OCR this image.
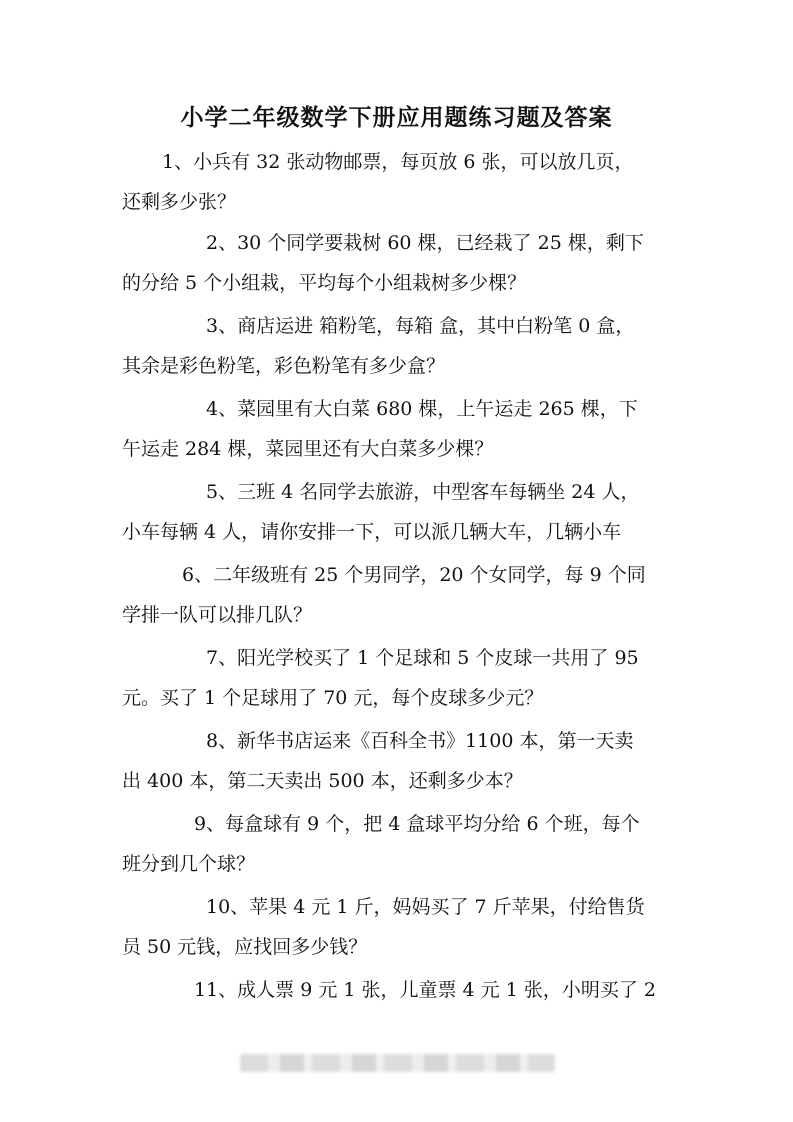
小学二年级数学下册应用题练习题及答案
1、小兵有 32 张动物邮票，每页放 6 张，可以放几页，
还剩多少张？
2、30 个同学要栽树 60 棵，已经栽了 25 棵，剩下
的分给 5 个小组栽，平均每个小组栽树多少棵？
3、商店运进 箱粉笔，每箱 盒，其中白粉笔 0 盒，
其余是彩色粉笔，彩色粉笔有多少盒？
4、菜园里有大白菜 680 棵，上午运走 265 棵，下
午运走 284 棵，菜园里还有大白菜多少棵？
5、三班 4 名同学去旅游，中型客车每辆坐 24 人，
小车每辆 4 人，请你安排一下，可以派几辆大车，几辆小车
6、二年级班有 25 个男同学，20 个女同学，每 9 个同
学排一队可以排几队？
7、阳光学校买了 1 个足球和 5 个皮球一共用了 95
元。买了 1 个足球用了 70 元，每个皮球多少元？
8、新华书店运来《百科全书》1100 本，第一天卖
出 400 本，第二天卖出 500 本，还剩多少本？
9、每盒球有 9 个，把 4 盒球平均分给 6 个班，每个
班分到几个球？
10、苹果 4 元 1 斤，妈妈买了 7 斤苹果，付给售货
员 50 元钱，应找回多少钱？
11、成人票 9 元 1 张，儿童票 4 元 1 张，小明买了 2
